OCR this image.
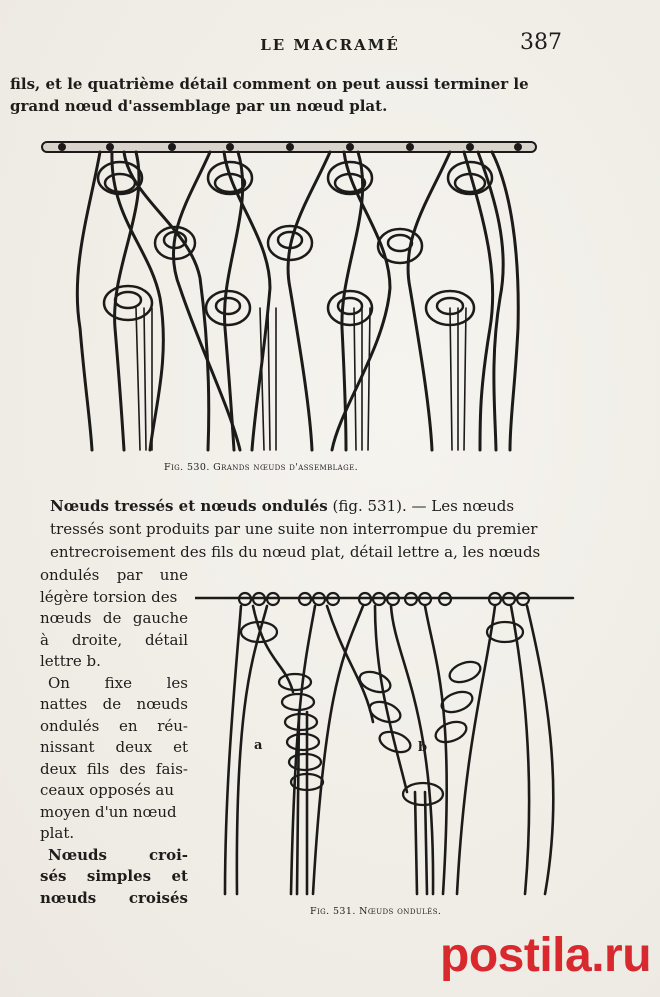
LE MACRAMÉ	387
fils, et le quatrième détail comment on peut aussi terminer le
grand nœud d'assemblage par un nœud plat.
Fig. 530. Grands nœuds d'assemblage.
Nœuds tressés et nœuds ondulés (fig. 531). — Les nœuds
tressés sont produits par une suite non interrompue du premier
entrecroisement des fils du nœud plat, détail lettre a, les nœuds
ondulés par une
légère torsion des
nœuds de gauche
à droite, détail
lettre b.
On fixe les
nattes de nœuds
ondulés en réu-
nissant deux et
deux fils des fais-
ceaux opposés au
moyen d'un nœud
plat.
Nœuds	croi-
sés simples et
nœuds croisés
a	b
Fig. 531. Nœuds ondulés.
postila.ru
